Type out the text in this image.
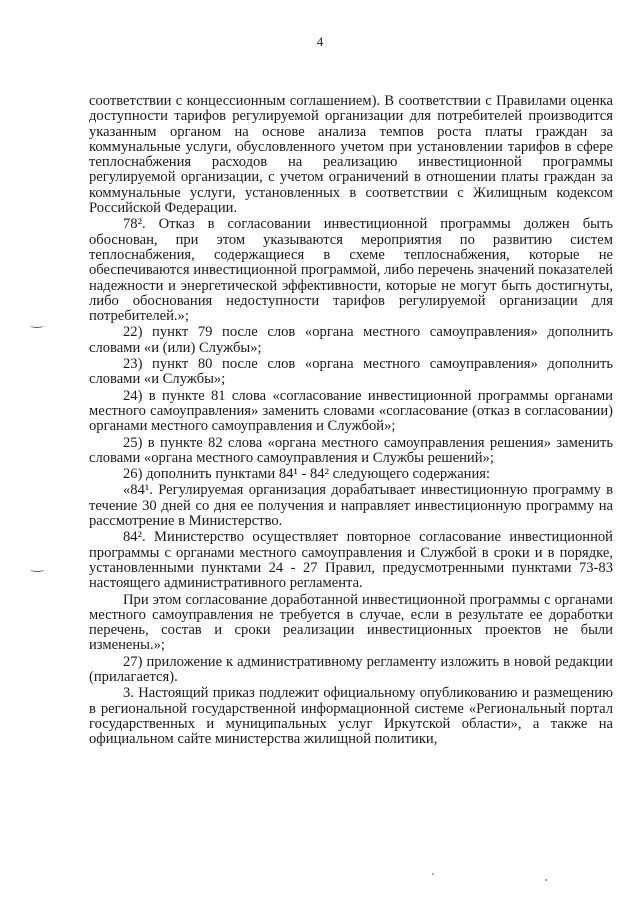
4

соответствии с концессионным соглашением). В соответствии с Правилами оценка доступности тарифов регулируемой организации для потребителей производится указанным органом на основе анализа темпов роста платы граждан за коммунальные услуги, обусловленного учетом при установлении тарифов в сфере теплоснабжения расходов на реализацию инвестиционной программы регулируемой организации, с учетом ограничений в отношении платы граждан за коммунальные услуги, установленных в соответствии с Жилищным кодексом Российской Федерации.

78². Отказ в согласовании инвестиционной программы должен быть обоснован, при этом указываются мероприятия по развитию систем теплоснабжения, содержащиеся в схеме теплоснабжения, которые не обеспечиваются инвестиционной программой, либо перечень значений показателей надежности и энергетической эффективности, которые не могут быть достигнуты, либо обоснования недоступности тарифов регулируемой организации для потребителей.»;

22) пункт 79 после слов «органа местного самоуправления» дополнить словами «и (или) Службы»;

23) пункт 80 после слов «органа местного самоуправления» дополнить словами «и Службы»;

24) в пункте 81 слова «согласование инвестиционной программы органами местного самоуправления» заменить словами «согласование (отказ в согласовании) органами местного самоуправления и Службой»;

25) в пункте 82 слова «органа местного самоуправления решения» заменить словами «органа местного самоуправления и Службы решений»;

26) дополнить пунктами 84¹ - 84² следующего содержания:

«84¹. Регулируемая организация дорабатывает инвестиционную программу в течение 30 дней со дня ее получения и направляет инвестиционную программу на рассмотрение в Министерство.

84². Министерство осуществляет повторное согласование инвестиционной программы с органами местного самоуправления и Службой в сроки и в порядке, установленными пунктами 24 - 27 Правил, предусмотренными пунктами 73-83 настоящего административного регламента.

При этом согласование доработанной инвестиционной программы с органами местного самоуправления не требуется в случае, если в результате ее доработки перечень, состав и сроки реализации инвестиционных проектов не были изменены.»;

27) приложение к административному регламенту изложить в новой редакции (прилагается).

3. Настоящий приказ подлежит официальному опубликованию и размещению в региональной государственной информационной системе «Региональный портал государственных и муниципальных услуг Иркутской области», а также на официальном сайте министерства жилищной политики,
